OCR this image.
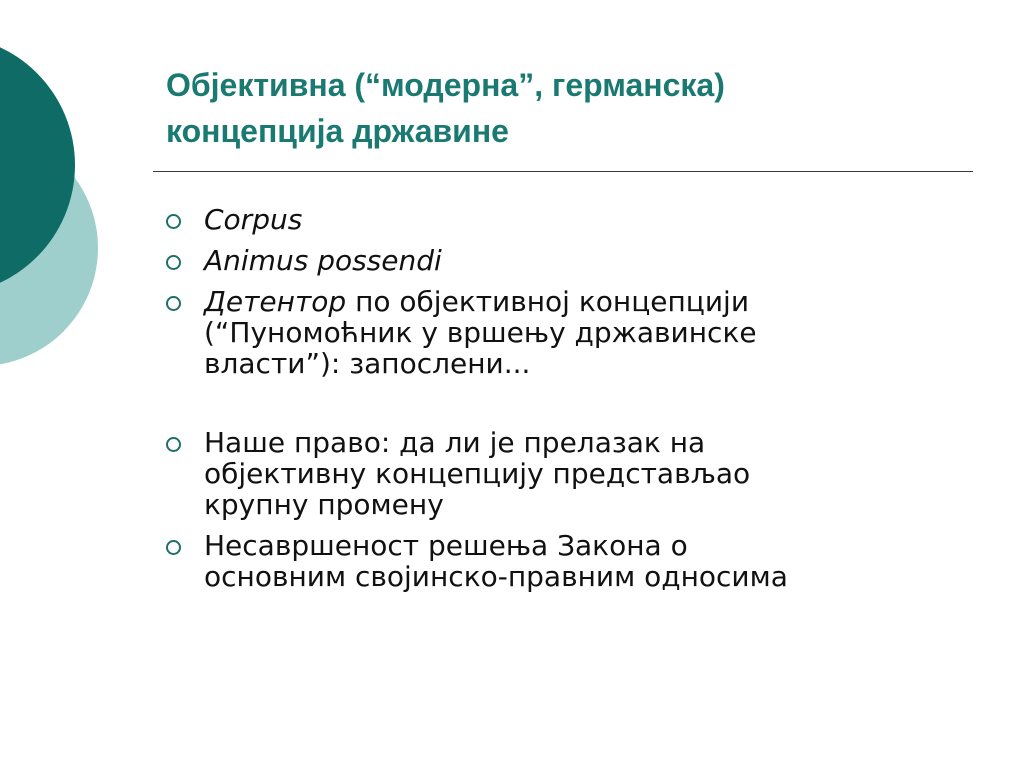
Објективна (“модерна”, германска)
концепција државине
Corpus
Animus possendi
Детентор по објективној концепцији
(“Пуномоћник у вршењу државинске
власти”): запослени...
Наше право: да ли је прелазак на
објективну концепцију представљао
крупну промену
Несавршеност решења Закона о
основним својинско-правним односима
